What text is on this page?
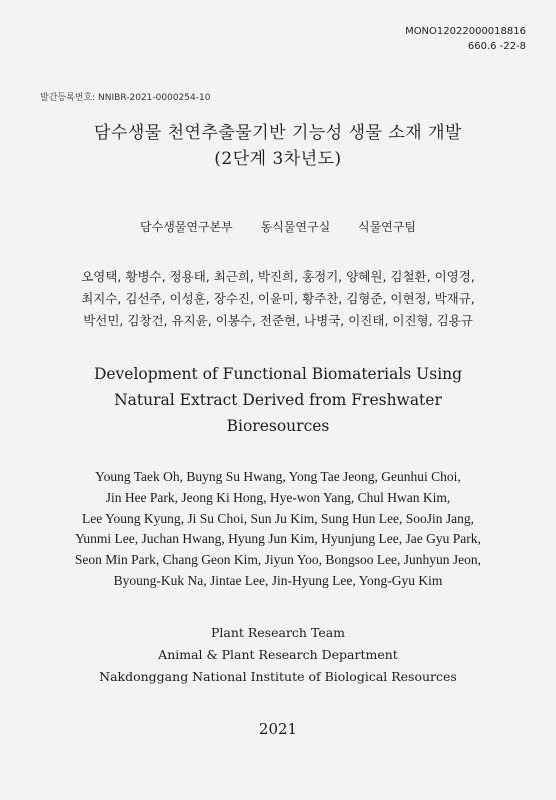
MONO12022000018816
660.6 -22-8
발간등록번호: NNIBR-2021-0000254-10
담수생물 천연추출물기반 기능성 생물 소재 개발
(2단계 3차년도)
담수생물연구본부 동식물연구실 식물연구팀
오영택, 황병수, 정용태, 최근희, 박진희, 홍정기, 양혜원, 김철환, 이영경,
최지수, 김선주, 이성훈, 장수진, 이윤미, 황주찬, 김형준, 이현정, 박재규,
박선민, 김창건, 유지윤, 이봉수, 전준현, 나병국, 이진태, 이진형, 김용규
Development of Functional Biomaterials Using
Natural Extract Derived from Freshwater
Bioresources
Young Taek Oh, Buyng Su Hwang, Yong Tae Jeong, Geunhui Choi,
Jin Hee Park, Jeong Ki Hong, Hye-won Yang, Chul Hwan Kim,
Lee Young Kyung, Ji Su Choi, Sun Ju Kim, Sung Hun Lee, SooJin Jang,
Yunmi Lee, Juchan Hwang, Hyung Jun Kim, Hyunjung Lee, Jae Gyu Park,
Seon Min Park, Chang Geon Kim, Jiyun Yoo, Bongsoo Lee, Junhyun Jeon,
Byoung-Kuk Na, Jintae Lee, Jin-Hyung Lee, Yong-Gyu Kim
Plant Research Team
Animal & Plant Research Department
Nakdonggang National Institute of Biological Resources
2021
